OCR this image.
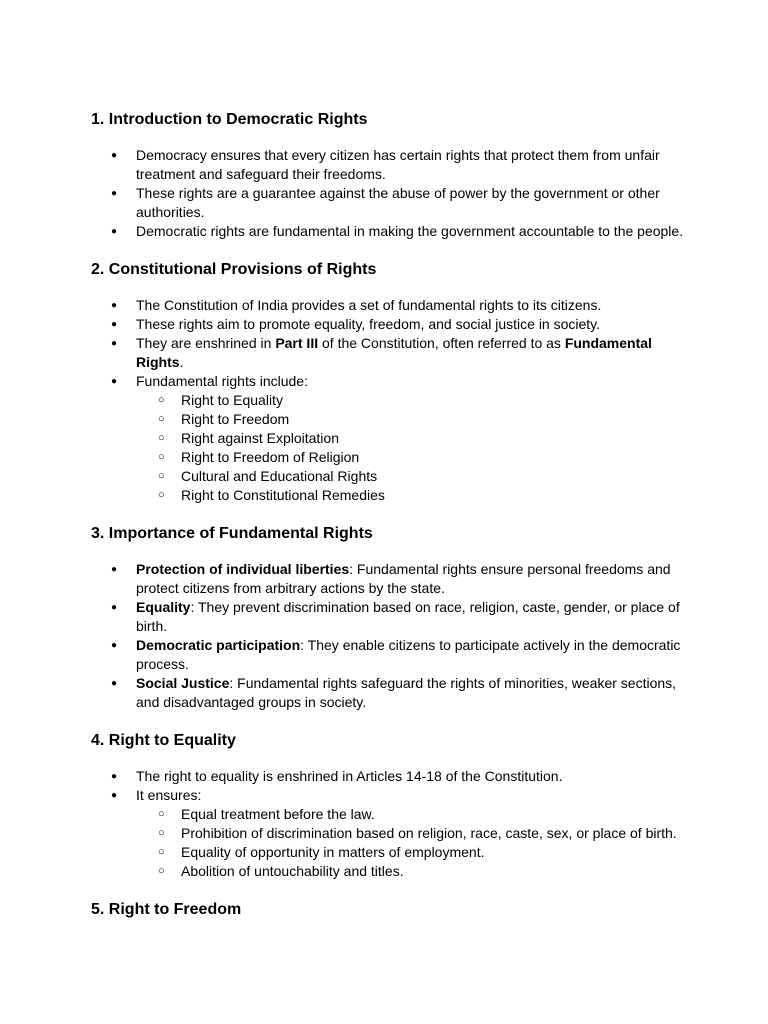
1. Introduction to Democratic Rights
● Democracy ensures that every citizen has certain rights that protect them from unfair treatment and safeguard their freedoms.
● These rights are a guarantee against the abuse of power by the government or other authorities.
● Democratic rights are fundamental in making the government accountable to the people.
2. Constitutional Provisions of Rights
● The Constitution of India provides a set of fundamental rights to its citizens.
● These rights aim to promote equality, freedom, and social justice in society.
● They are enshrined in Part III of the Constitution, often referred to as Fundamental Rights.
● Fundamental rights include:
○ Right to Equality
○ Right to Freedom
○ Right against Exploitation
○ Right to Freedom of Religion
○ Cultural and Educational Rights
○ Right to Constitutional Remedies
3. Importance of Fundamental Rights
● Protection of individual liberties: Fundamental rights ensure personal freedoms and protect citizens from arbitrary actions by the state.
● Equality: They prevent discrimination based on race, religion, caste, gender, or place of birth.
● Democratic participation: They enable citizens to participate actively in the democratic process.
● Social Justice: Fundamental rights safeguard the rights of minorities, weaker sections, and disadvantaged groups in society.
4. Right to Equality
● The right to equality is enshrined in Articles 14-18 of the Constitution.
● It ensures:
○ Equal treatment before the law.
○ Prohibition of discrimination based on religion, race, caste, sex, or place of birth.
○ Equality of opportunity in matters of employment.
○ Abolition of untouchability and titles.
5. Right to Freedom
